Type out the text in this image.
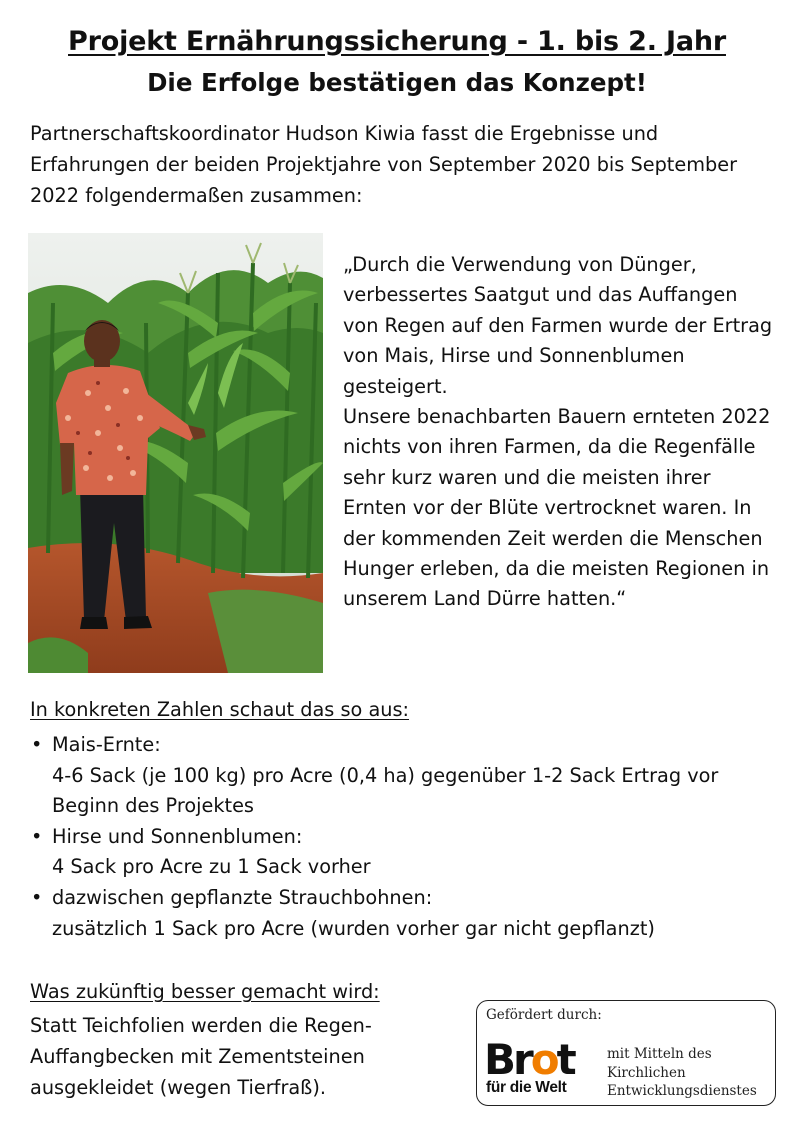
Projekt Ernährungssicherung - 1. bis 2. Jahr
Die Erfolge bestätigen das Konzept!
Partnerschaftskoordinator Hudson Kiwia fasst die Ergebnisse und Erfahrungen der beiden Projektjahre von September 2020 bis September 2022 folgendermaßen zusammen:

„Durch die Verwendung von Dünger, verbessertes Saatgut und das Auffangen von Regen auf den Farmen wurde der Ertrag von Mais, Hirse und Sonnenblumen gesteigert.

Unsere benachbarten Bauern ernteten 2022 nichts von ihren Farmen, da die Regenfälle sehr kurz waren und die meisten ihrer Ernten vor der Blüte vertrocknet waren. In der kommenden Zeit werden die Menschen Hunger erleben, da die meisten Regionen in unserem Land Dürre hatten.“

In konkreten Zahlen schaut das so aus:
• Mais-Ernte:
4-6 Sack (je 100 kg) pro Acre (0,4 ha) gegenüber 1-2 Sack Ertrag vor Beginn des Projektes
• Hirse und Sonnenblumen:
4 Sack pro Acre zu 1 Sack vorher
• dazwischen gepflanzte Strauchbohnen:
zusätzlich 1 Sack pro Acre (wurden vorher gar nicht gepflanzt)
Was zukünftig besser gemacht wird:
Statt Teichfolien werden die Regen-Auffangbecken mit Zementsteinen ausgekleidet (wegen Tierfraß).
Gefördert durch:
Brot
für die Welt
mit Mitteln des Kirchlichen Entwicklungsdienstes
